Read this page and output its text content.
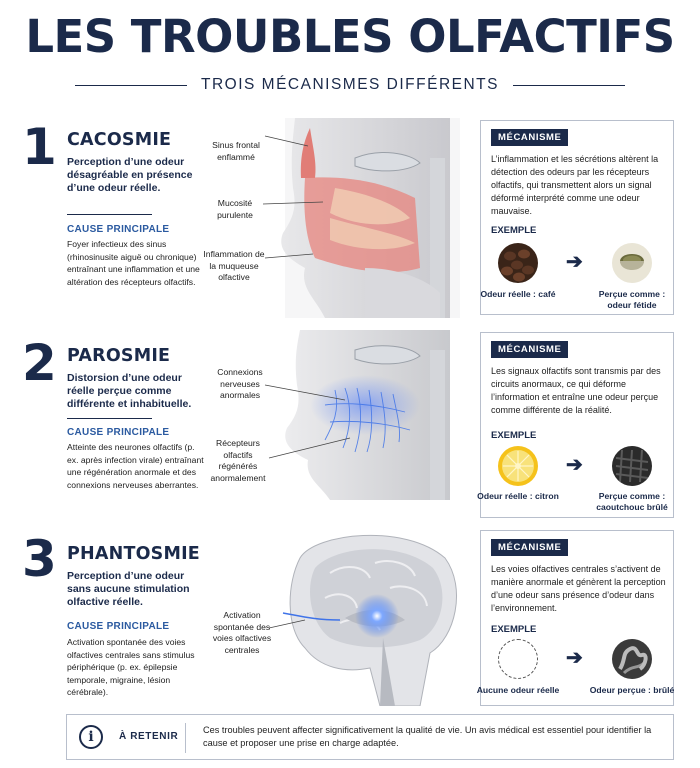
LES TROUBLES OLFACTIFS
TROIS MÉCANISMES DIFFÉRENTS
1 CACOSMIE
Perception d’une odeur désagréable en présence d’une odeur réelle.
CAUSE PRINCIPALE
Foyer infectieux des sinus (rhinosinusite aiguë ou chronique) entraînant une inflammation et une altération des récepteurs olfactifs.
Sinus frontal enflammé
Mucosité purulente
Inflammation de la muqueuse olfactive
MÉCANISME
L’inflammation et les sécrétions altèrent la détection des odeurs par les récepteurs olfactifs, qui transmettent alors un signal déformé interprété comme une odeur mauvaise.
EXEMPLE
➔
Odeur réelle : café	Perçue comme : odeur fétide
2 PAROSMIE
Distorsion d’une odeur réelle perçue comme différente et inhabituelle.
CAUSE PRINCIPALE
Atteinte des neurones olfactifs (p. ex. après infection virale) entraînant une régénération anormale et des connexions nerveuses aberrantes.
Connexions nerveuses anormales
Récepteurs olfactifs régénérés anormalement
MÉCANISME
Les signaux olfactifs sont transmis par des circuits anormaux, ce qui déforme l’information et entraîne une odeur perçue comme différente de la réalité.
EXEMPLE
➔
Odeur réelle : citron	Perçue comme : caoutchouc brûlé
3 PHANTOSMIE
Perception d’une odeur sans aucune stimulation olfactive réelle.
CAUSE PRINCIPALE
Activation spontanée des voies olfactives centrales sans stimulus périphérique (p. ex. épilepsie temporale, migraine, lésion cérébrale).
Activation spontanée des voies olfactives centrales
MÉCANISME
Les voies olfactives centrales s’activent de manière anormale et génèrent la perception d’une odeur sans présence d’odeur dans l’environnement.
EXEMPLE
➔
Aucune odeur réelle	Odeur perçue : brûlé
i	À RETENIR
Ces troubles peuvent affecter significativement la qualité de vie. Un avis médical est essentiel pour identifier la cause et proposer une prise en charge adaptée.
